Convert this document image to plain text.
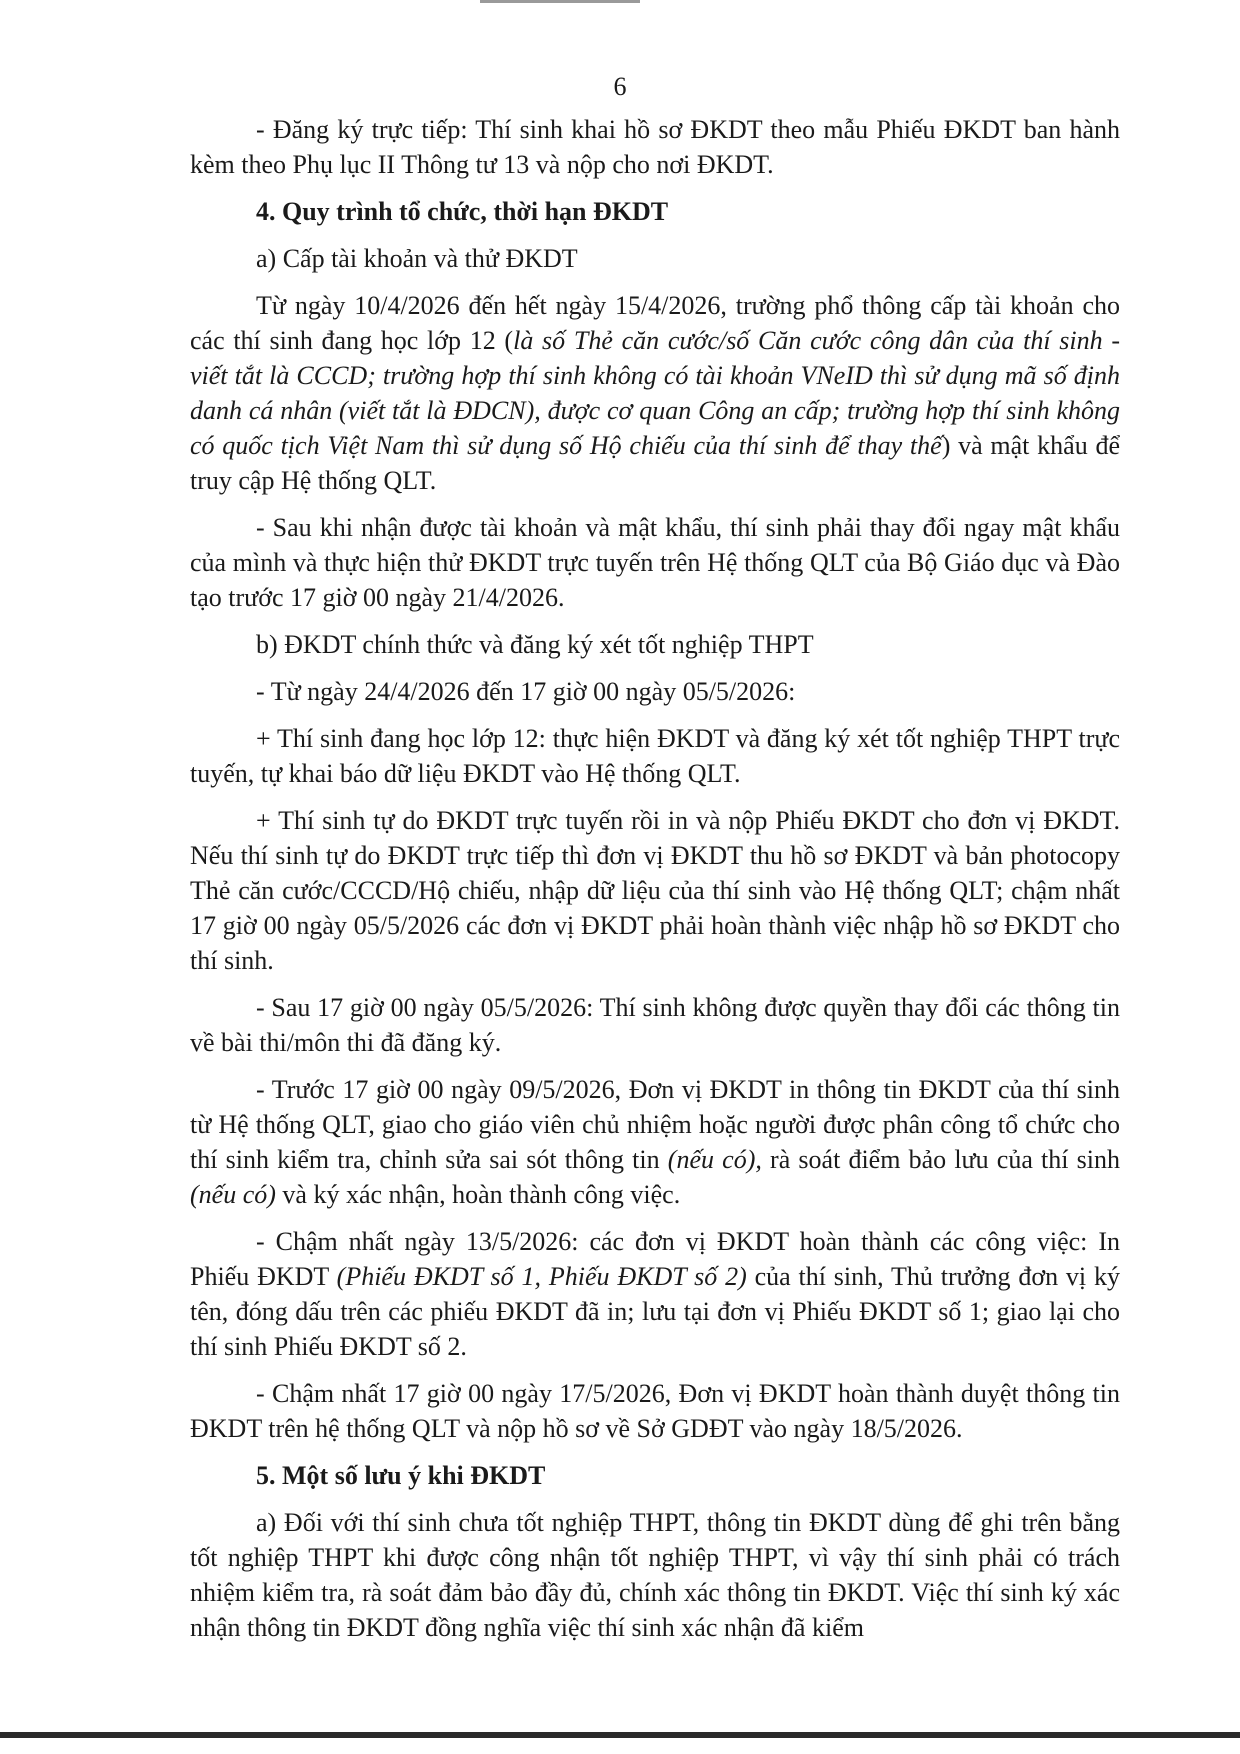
6

- Đăng ký trực tiếp: Thí sinh khai hồ sơ ĐKDT theo mẫu Phiếu ĐKDT ban hành kèm theo Phụ lục II Thông tư 13 và nộp cho nơi ĐKDT.

4. Quy trình tổ chức, thời hạn ĐKDT

a) Cấp tài khoản và thử ĐKDT

Từ ngày 10/4/2026 đến hết ngày 15/4/2026, trường phổ thông cấp tài khoản cho các thí sinh đang học lớp 12 (là số Thẻ căn cước/số Căn cước công dân của thí sinh - viết tắt là CCCD; trường hợp thí sinh không có tài khoản VNeID thì sử dụng mã số định danh cá nhân (viết tắt là ĐDCN), được cơ quan Công an cấp; trường hợp thí sinh không có quốc tịch Việt Nam thì sử dụng số Hộ chiếu của thí sinh để thay thế) và mật khẩu để truy cập Hệ thống QLT.

- Sau khi nhận được tài khoản và mật khẩu, thí sinh phải thay đổi ngay mật khẩu của mình và thực hiện thử ĐKDT trực tuyến trên Hệ thống QLT của Bộ Giáo dục và Đào tạo trước 17 giờ 00 ngày 21/4/2026.

b) ĐKDT chính thức và đăng ký xét tốt nghiệp THPT

- Từ ngày 24/4/2026 đến 17 giờ 00 ngày 05/5/2026:

+ Thí sinh đang học lớp 12: thực hiện ĐKDT và đăng ký xét tốt nghiệp THPT trực tuyến, tự khai báo dữ liệu ĐKDT vào Hệ thống QLT.

+ Thí sinh tự do ĐKDT trực tuyến rồi in và nộp Phiếu ĐKDT cho đơn vị ĐKDT. Nếu thí sinh tự do ĐKDT trực tiếp thì đơn vị ĐKDT thu hồ sơ ĐKDT và bản photocopy Thẻ căn cước/CCCD/Hộ chiếu, nhập dữ liệu của thí sinh vào Hệ thống QLT; chậm nhất 17 giờ 00 ngày 05/5/2026 các đơn vị ĐKDT phải hoàn thành việc nhập hồ sơ ĐKDT cho thí sinh.

- Sau 17 giờ 00 ngày 05/5/2026: Thí sinh không được quyền thay đổi các thông tin về bài thi/môn thi đã đăng ký.

- Trước 17 giờ 00 ngày 09/5/2026, Đơn vị ĐKDT in thông tin ĐKDT của thí sinh từ Hệ thống QLT, giao cho giáo viên chủ nhiệm hoặc người được phân công tổ chức cho thí sinh kiểm tra, chỉnh sửa sai sót thông tin (nếu có), rà soát điểm bảo lưu của thí sinh (nếu có) và ký xác nhận, hoàn thành công việc.

- Chậm nhất ngày 13/5/2026: các đơn vị ĐKDT hoàn thành các công việc: In Phiếu ĐKDT (Phiếu ĐKDT số 1, Phiếu ĐKDT số 2) của thí sinh, Thủ trưởng đơn vị ký tên, đóng dấu trên các phiếu ĐKDT đã in; lưu tại đơn vị Phiếu ĐKDT số 1; giao lại cho thí sinh Phiếu ĐKDT số 2.

- Chậm nhất 17 giờ 00 ngày 17/5/2026, Đơn vị ĐKDT hoàn thành duyệt thông tin ĐKDT trên hệ thống QLT và nộp hồ sơ về Sở GDĐT vào ngày 18/5/2026.

5. Một số lưu ý khi ĐKDT

a) Đối với thí sinh chưa tốt nghiệp THPT, thông tin ĐKDT dùng để ghi trên bằng tốt nghiệp THPT khi được công nhận tốt nghiệp THPT, vì vậy thí sinh phải có trách nhiệm kiểm tra, rà soát đảm bảo đầy đủ, chính xác thông tin ĐKDT. Việc thí sinh ký xác nhận thông tin ĐKDT đồng nghĩa việc thí sinh xác nhận đã kiểm
